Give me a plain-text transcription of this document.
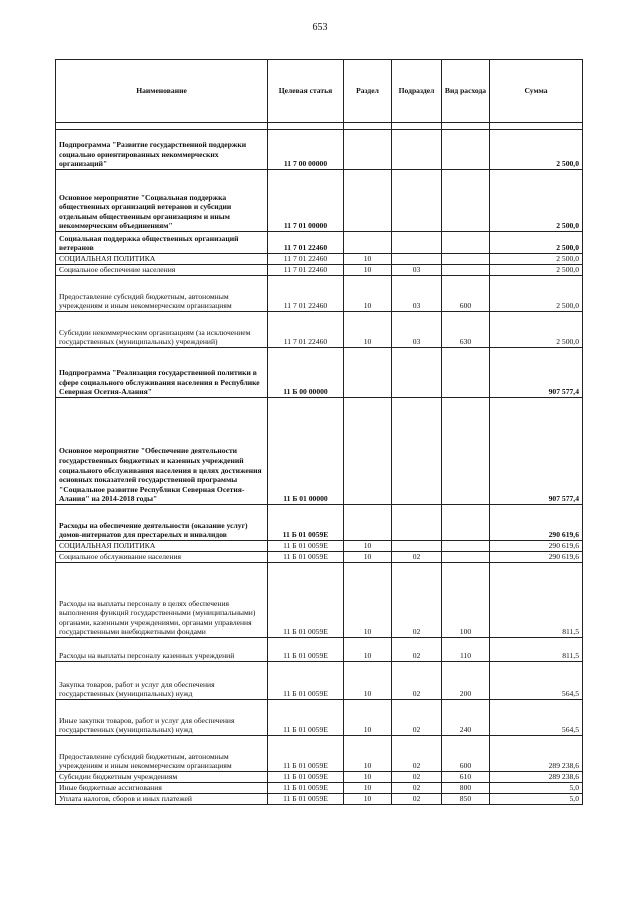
653
Наименование	Целевая статья	Раздел	Подраздел	Вид расхода	Сумма

Подпрограмма "Развитие государственной поддержки социально ориентированных некоммерческих организаций"	11 7 00 00000				2 500,0
Основное мероприятие "Социальная поддержка общественных организаций ветеранов и субсидии отдельным общественным организациям и иным некоммерческим объединениям"	11 7 01 00000				2 500,0
Социальная поддержка общественных организаций ветеранов	11 7 01 22460				2 500,0
СОЦИАЛЬНАЯ ПОЛИТИКА	11 7 01 22460	10			2 500,0
Социальное обеспечение населения	11 7 01 22460	10	03		2 500,0
Предоставление субсидий бюджетным, автономным учреждениям и иным некоммерческим организациям	11 7 01 22460	10	03	600	2 500,0
Субсидии некоммерческим организациям (за исключением государственных (муниципальных) учреждений)	11 7 01 22460	10	03	630	2 500,0
Подпрограмма "Реализация государственной политики в сфере социального обслуживания населения в Республике Северная Осетия-Алания"	11 Б 00 00000				907 577,4
Основное мероприятие "Обеспечение деятельности государственных бюджетных и казенных учреждений социального обслуживания населения в целях достижения основных показателей государственной программы "Социальное развитие Республики Северная Осетия-Алания" на 2014-2018 годы"	11 Б 01 00000				907 577,4
Расходы на обеспечение деятельности (оказание услуг) домов-интернатов для престарелых и инвалидов	11 Б 01 0059Е				290 619,6
СОЦИАЛЬНАЯ ПОЛИТИКА	11 Б 01 0059Е	10			290 619,6
Социальное обслуживание населения	11 Б 01 0059Е	10	02		290 619,6
Расходы на выплаты персоналу в целях обеспечения выполнения функций государственными (муниципальными) органами, казенными учреждениями, органами управления государственными внебюджетными фондами	11 Б 01 0059Е	10	02	100	811,5
Расходы на выплаты персоналу казенных учреждений	11 Б 01 0059Е	10	02	110	811,5
Закупка товаров, работ и услуг для обеспечения государственных (муниципальных) нужд	11 Б 01 0059Е	10	02	200	564,5
Иные закупки товаров, работ и услуг для обеспечения государственных (муниципальных) нужд	11 Б 01 0059Е	10	02	240	564,5
Предоставление субсидий бюджетным, автономным учреждениям и иным некоммерческим организациям	11 Б 01 0059Е	10	02	600	289 238,6
Субсидии бюджетным учреждениям	11 Б 01 0059Е	10	02	610	289 238,6
Иные бюджетные ассигнования	11 Б 01 0059Е	10	02	800	5,0
Уплата налогов, сборов и иных платежей	11 Б 01 0059Е	10	02	850	5,0
